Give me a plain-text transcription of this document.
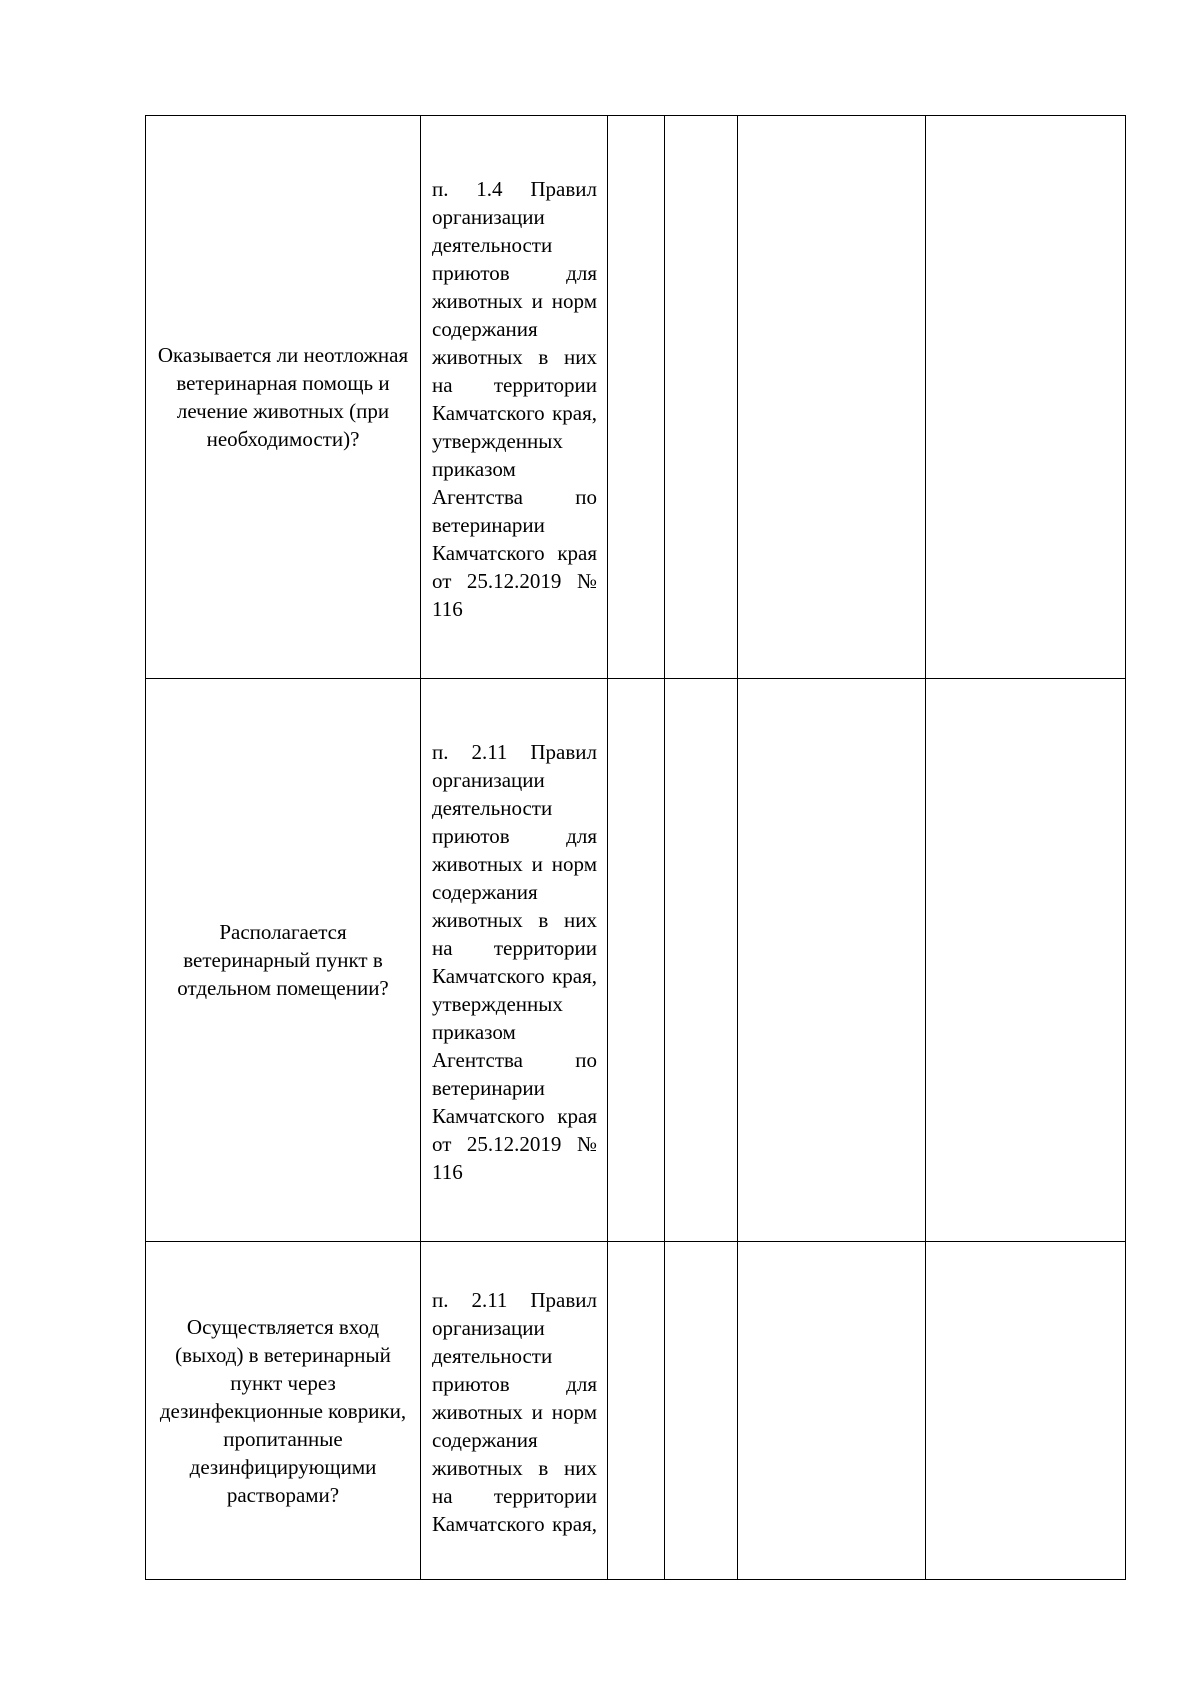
Оказывается ли неотложная ветеринарная помощь и лечение животных (при необходимости)?	п. 1.4 Правил организации деятельности приютов для животных и норм содержания животных в них на территории Камчатского края, утвержденных приказом Агентства по ветеринарии Камчатского края от 25.12.2019 № 116				

Располагается ветеринарный пункт в отдельном помещении?	п. 2.11 Правил организации деятельности приютов для животных и норм содержания животных в них на территории Камчатского края, утвержденных приказом Агентства по ветеринарии Камчатского края от 25.12.2019 № 116				

Осуществляется вход (выход) в ветеринарный пункт через дезинфекционные коврики, пропитанные дезинфицирующими растворами?	п. 2.11 Правил организации деятельности приютов для животных и норм содержания животных в них на территории Камчатского края,				
